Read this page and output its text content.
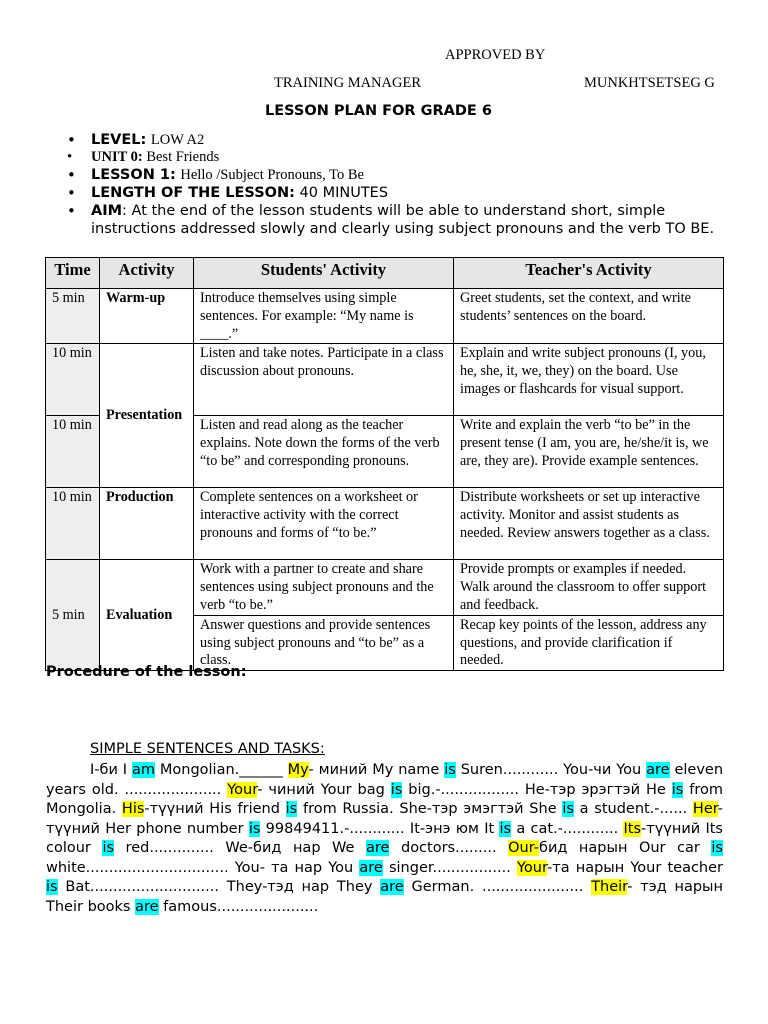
APPROVED BY
TRAINING MANAGER	MUNKHTSETSEG G
LESSON PLAN FOR GRADE 6
• LEVEL: LOW A2
• UNIT 0: Best Friends
• LESSON 1: Hello /Subject Pronouns, To Be
• LENGTH OF THE LESSON: 40 MINUTES
• AIM: At the end of the lesson students will be able to understand short, simple instructions addressed slowly and clearly using subject pronouns and the verb TO BE.
Time	Activity	Students' Activity	Teacher's Activity
5 min	Warm-up	Introduce themselves using simple sentences. For example: “My name is ____.”	Greet students, set the context, and write students’ sentences on the board.
10 min	Presentation	Listen and take notes. Participate in a class discussion about pronouns.	Explain and write subject pronouns (I, you, he, she, it, we, they) on the board. Use images or flashcards for visual support.
10 min		Listen and read along as the teacher explains. Note down the forms of the verb “to be” and corresponding pronouns.	Write and explain the verb “to be” in the present tense (I am, you are, he/she/it is, we are, they are). Provide example sentences.
10 min	Production	Complete sentences on a worksheet or interactive activity with the correct pronouns and forms of “to be.”	Distribute worksheets or set up interactive activity. Monitor and assist students as needed. Review answers together as a class.
5 min	Evaluation	Work with a partner to create and share sentences using subject pronouns and the verb “to be.”	Provide prompts or examples if needed. Walk around the classroom to offer support and feedback.
		Answer questions and provide sentences using subject pronouns and “to be” as a class.	Recap key points of the lesson, address any questions, and provide clarification if needed.
Procedure of the lesson:
SIMPLE SENTENCES AND TASKS:
I-би I am Mongolian.______ My- миний My name is Suren............ You-чи You are eleven years old. ..................... Your- чиний Your bag is big.-................. He-тэр эрэгтэй He is from Mongolia. His-түүний His friend is from Russia. She-тэр эмэгтэй She is a student.-...... Her- түүний Her phone number is 99849411.-............ It-энэ юм It is a cat.-............ Its-түүний Its colour is red.............. We-бид нар We are doctors......... Our-бид нарын Our car is white............................... You- та нар You are singer................. Your-та нарын Your teacher is Bat............................ They-тэд нар They are German. ...................... Their- тэд нарын Their books are famous......................
